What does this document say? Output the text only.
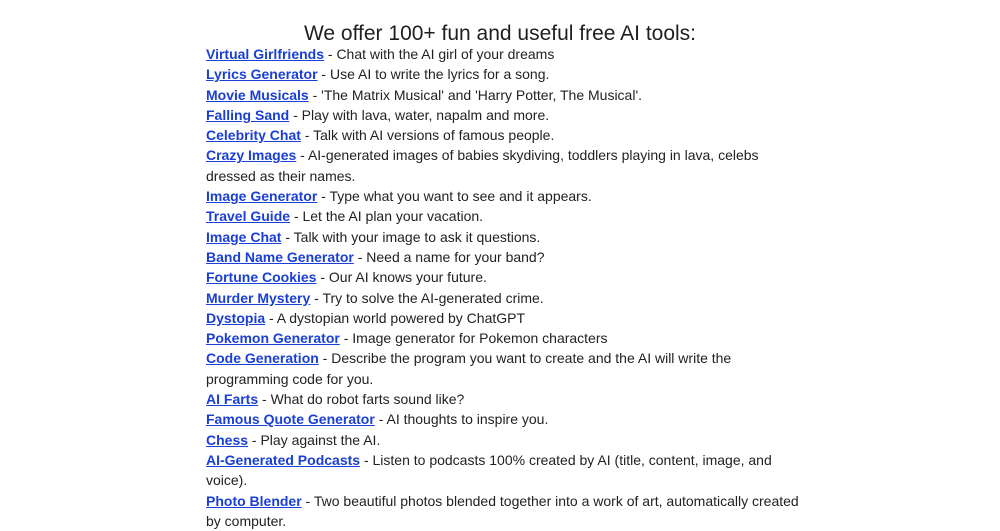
We offer 100+ fun and useful free AI tools:
Virtual Girlfriends - Chat with the AI girl of your dreams
Lyrics Generator - Use AI to write the lyrics for a song.
Movie Musicals - 'The Matrix Musical' and 'Harry Potter, The Musical'.
Falling Sand - Play with lava, water, napalm and more.
Celebrity Chat - Talk with AI versions of famous people.
Crazy Images - AI-generated images of babies skydiving, toddlers playing in lava, celebs dressed as their names.
Image Generator - Type what you want to see and it appears.
Travel Guide - Let the AI plan your vacation.
Image Chat - Talk with your image to ask it questions.
Band Name Generator - Need a name for your band?
Fortune Cookies - Our AI knows your future.
Murder Mystery - Try to solve the AI-generated crime.
Dystopia - A dystopian world powered by ChatGPT
Pokemon Generator - Image generator for Pokemon characters
Code Generation - Describe the program you want to create and the AI will write the programming code for you.
AI Farts - What do robot farts sound like?
Famous Quote Generator - AI thoughts to inspire you.
Chess - Play against the AI.
AI-Generated Podcasts - Listen to podcasts 100% created by AI (title, content, image, and voice).
Photo Blender - Two beautiful photos blended together into a work of art, automatically created by computer.
